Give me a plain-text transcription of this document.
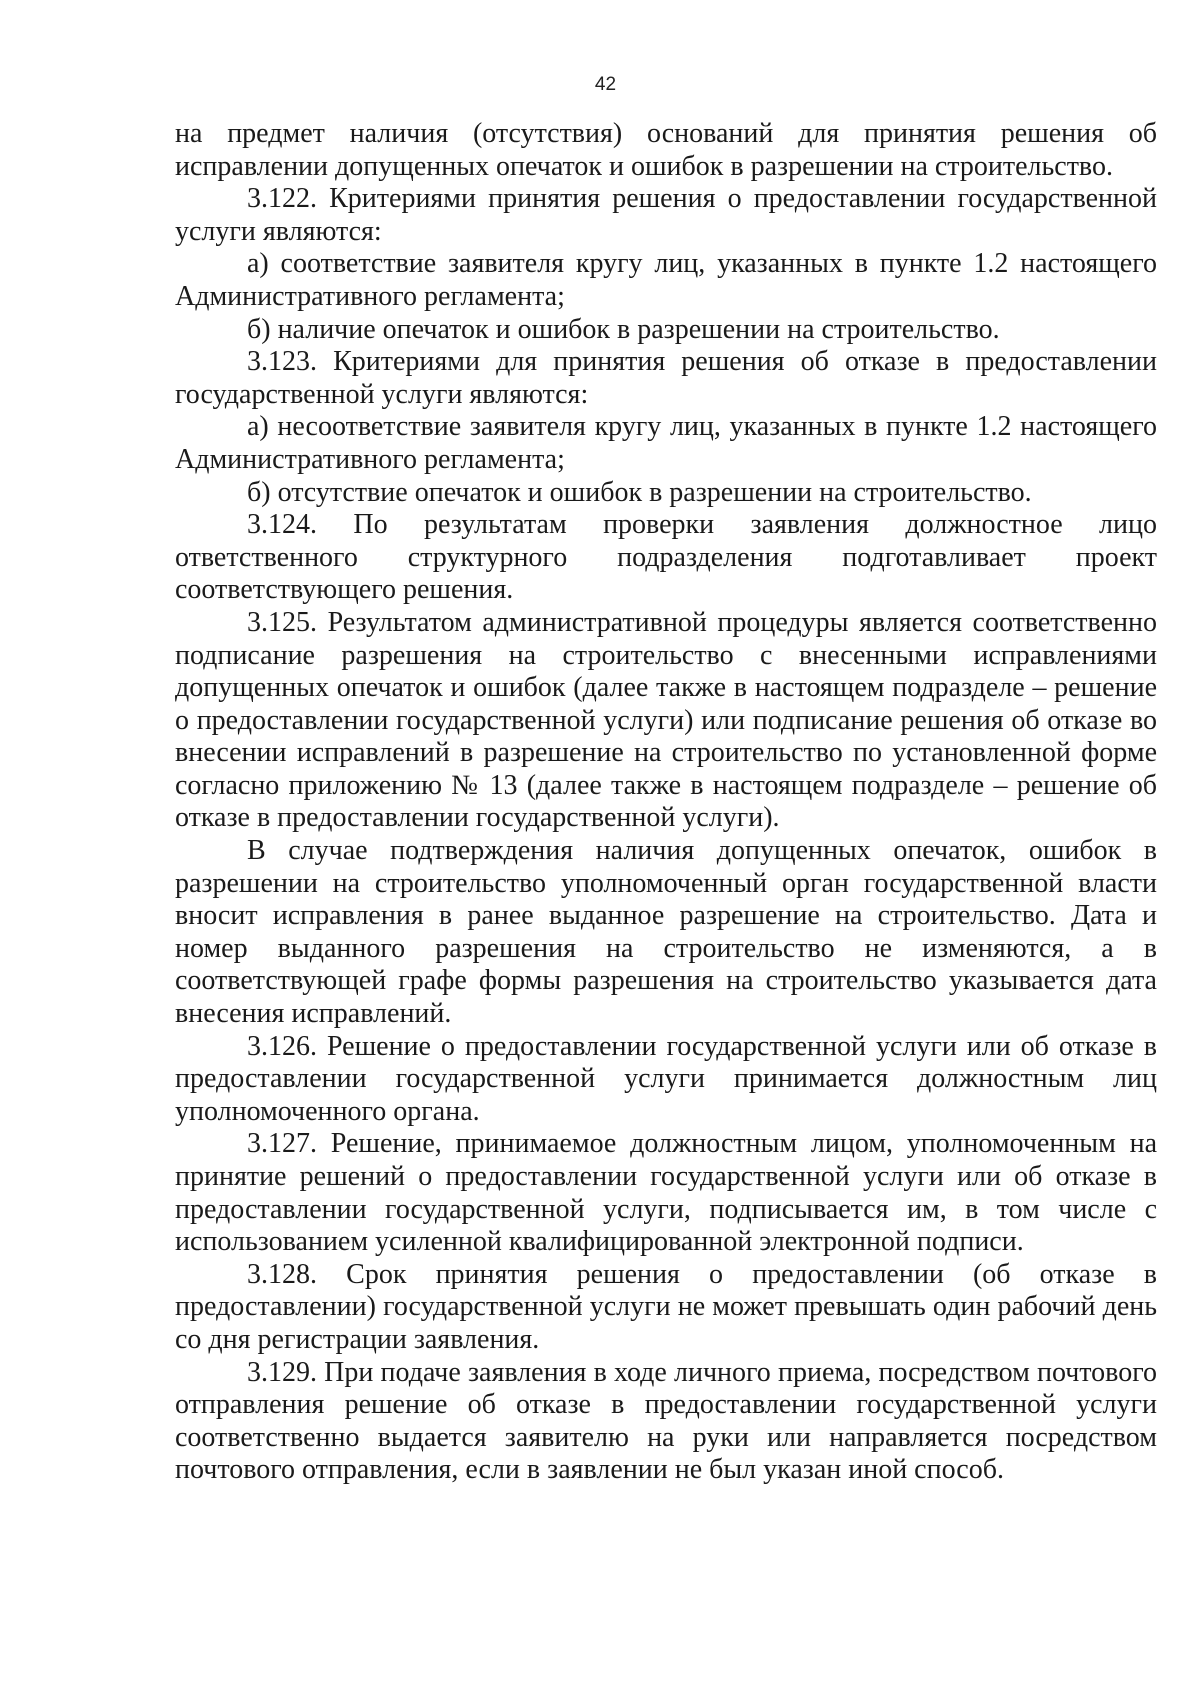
42

на предмет наличия (отсутствия) оснований для принятия решения об исправлении допущенных опечаток и ошибок в разрешении на строительство.

3.122. Критериями принятия решения о предоставлении государственной услуги являются:

а) соответствие заявителя кругу лиц, указанных в пункте 1.2 настоящего Административного регламента;

б) наличие опечаток и ошибок в разрешении на строительство.

3.123. Критериями для принятия решения об отказе в предоставлении государственной услуги являются:

а) несоответствие заявителя кругу лиц, указанных в пункте 1.2 настоящего Административного регламента;

б) отсутствие опечаток и ошибок в разрешении на строительство.

3.124. По результатам проверки заявления должностное лицо ответственного структурного подразделения подготавливает проект соответствующего решения.

3.125. Результатом административной процедуры является соответственно подписание разрешения на строительство с внесенными исправлениями допущенных опечаток и ошибок (далее также в настоящем подразделе – решение о предоставлении государственной услуги) или подписание решения об отказе во внесении исправлений в разрешение на строительство по установленной форме согласно приложению № 13 (далее также в настоящем подразделе – решение об отказе в предоставлении государственной услуги).

В случае подтверждения наличия допущенных опечаток, ошибок в разрешении на строительство уполномоченный орган государственной власти вносит исправления в ранее выданное разрешение на строительство. Дата и номер выданного разрешения на строительство не изменяются, а в соответствующей графе формы разрешения на строительство указывается дата внесения исправлений.

3.126. Решение о предоставлении государственной услуги или об отказе в предоставлении государственной услуги принимается должностным лиц уполномоченного органа.

3.127. Решение, принимаемое должностным лицом, уполномоченным на принятие решений о предоставлении государственной услуги или об отказе в предоставлении государственной услуги, подписывается им, в том числе с использованием усиленной квалифицированной электронной подписи.

3.128. Срок принятия решения о предоставлении (об отказе в предоставлении) государственной услуги не может превышать один рабочий день со дня регистрации заявления.

3.129. При подаче заявления в ходе личного приема, посредством почтового отправления решение об отказе в предоставлении государственной услуги соответственно выдается заявителю на руки или направляется посредством почтового отправления, если в заявлении не был указан иной способ.
